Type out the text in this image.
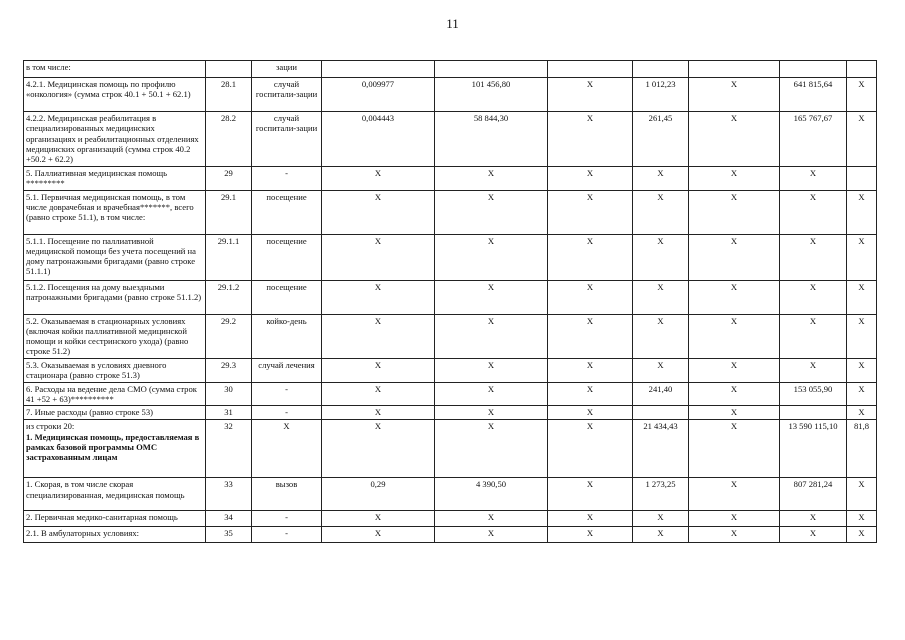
11
в том числе:		зации							
4.2.1. Медицинская помощь по профилю «онкология» (сумма строк 40.1 + 50.1 + 62.1)	28.1	случай госпитали-зации	0,009977	101 456,80	X	1 012,23	X	641 815,64	X
4.2.2. Медицинская реабилитация в специализированных медицинских организациях и реабилитационных отделениях медицинских организаций (сумма строк 40.2 +50.2 + 62.2)	28.2	случай госпитали-зации	0,004443	58 844,30	X	261,45	X	165 767,67	X
5. Паллиативная медицинская помощь *********	29	-	X	X	X	X	X	X	
5.1. Первичная медицинская помощь, в том числе доврачебная и врачебная*******, всего (равно строке 51.1), в том числе:	29.1	посещение	X	X	X	X	X	X	X
5.1.1. Посещение по паллиативной медицинской помощи без учета посещений на дому патронажными бригадами (равно строке 51.1.1)	29.1.1	посещение	X	X	X	X	X	X	X
5.1.2. Посещения на дому выездными патронажными бригадами (равно строке 51.1.2)	29.1.2	посещение	X	X	X	X	X	X	X
5.2. Оказываемая в стационарных условиях (включая койки паллиативной медицинской помощи и койки сестринского ухода) (равно строке 51.2)	29.2	койко-день	X	X	X	X	X	X	X
5.3. Оказываемая в условиях дневного стационара (равно строке 51.3)	29.3	случай лечения	X	X	X	X	X	X	X
6. Расходы на ведение дела СМО (сумма строк 41 +52 + 63)**********	30	-	X	X	X	241,40	X	153 055,90	X
7. Иные расходы (равно строке 53)	31	-	X	X	X		X		X

из строки 20:
1. Медицинская помощь, предоставляемая в рамках базовой программы ОМС застрахованным лицам	32	X	X	X	X	21 434,43	X	13 590 115,10	81,8
1. Скорая, в том числе скорая специализированная, медицинская помощь	33	вызов	0,29	4 390,50	X	1 273,25	X	807 281,24	X
2. Первичная медико-санитарная помощь	34	-	X	X	X	X	X	X	X
2.1. В амбулаторных условиях:	35	-	X	X	X	X	X	X	X
